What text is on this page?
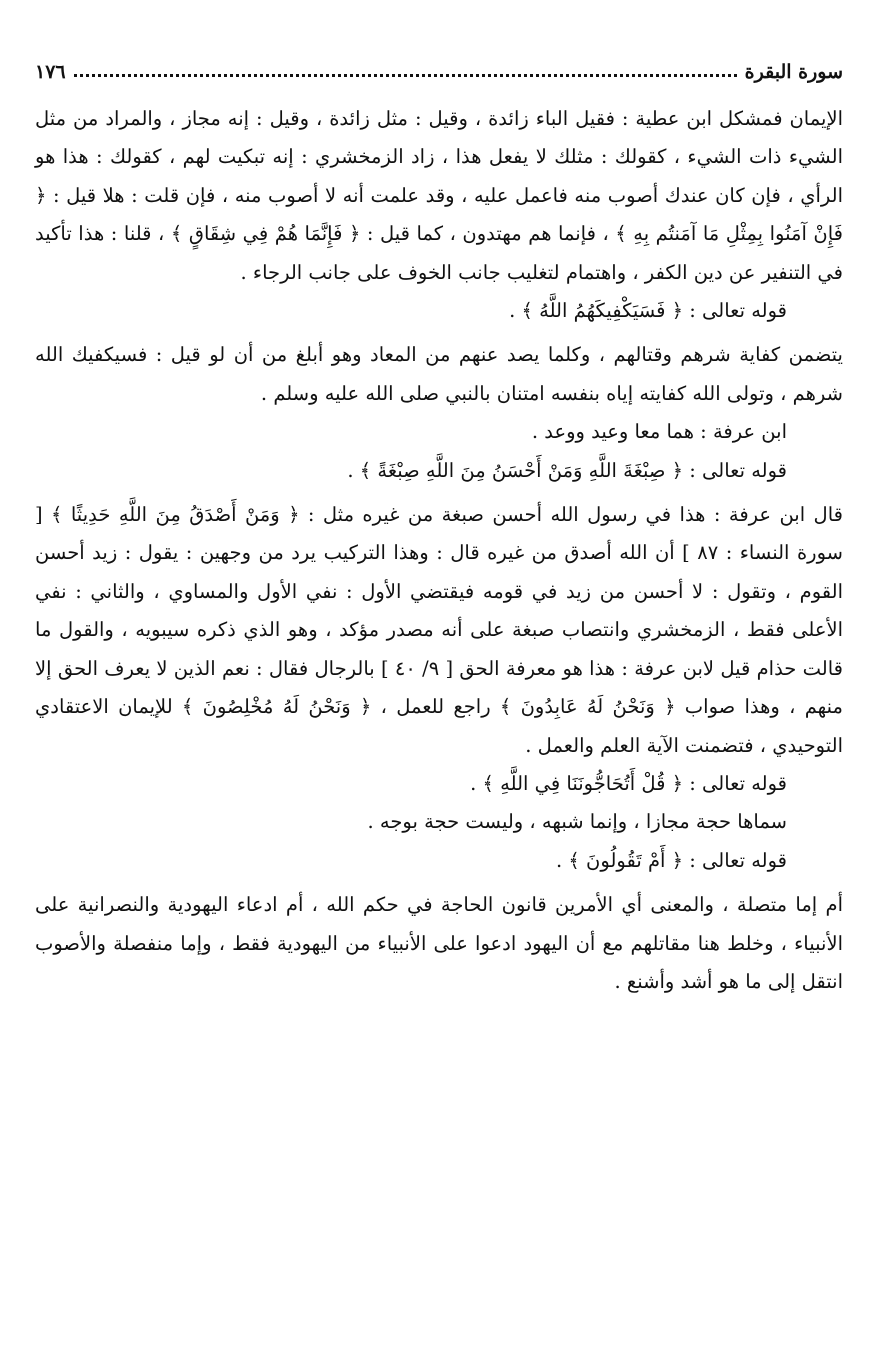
سورة البقرة
١٧٦

الإيمان فمشكل ابن عطية : فقيل الباء زائدة ، وقيل : مثل زائدة ، وقيل : إنه مجاز ، والمراد من مثل الشيء ذات الشيء ، كقولك : مثلك لا يفعل هذا ، زاد الزمخشري : إنه تبكيت لهم ، كقولك : هذا هو الرأي ، فإن كان عندك أصوب منه فاعمل عليه ، وقد علمت أنه لا أصوب منه ، فإن قلت : هلا قيل : ﴿ فَإِنْ آمَنُوا بِمِثْلِ مَا آمَنتُم بِهِ ﴾ ، فإنما هم مهتدون ، كما قيل : ﴿ فَإِنَّمَا هُمْ فِي شِقَاقٍ ﴾ ، قلنا : هذا تأكيد في التنفير عن دين الكفر ، واهتمام لتغليب جانب الخوف على جانب الرجاء .

قوله تعالى : ﴿ فَسَيَكْفِيكَهُمُ اللَّهُ ﴾ .

يتضمن كفاية شرهم وقتالهم ، وكلما يصد عنهم من المعاد وهو أبلغ من أن لو قيل : فسيكفيك الله شرهم ، وتولى الله كفايته إياه بنفسه امتنان بالنبي صلى الله عليه وسلم .

ابن عرفة : هما معا وعيد ووعد .

قوله تعالى : ﴿ صِبْغَةَ اللَّهِ وَمَنْ أَحْسَنُ مِنَ اللَّهِ صِبْغَةً ﴾ .

قال ابن عرفة : هذا في رسول الله أحسن صبغة من غيره مثل : ﴿ وَمَنْ أَصْدَقُ مِنَ اللَّهِ حَدِيثًا ﴾ [ سورة النساء : ٨٧ ] أن الله أصدق من غيره قال : وهذا التركيب يرد من وجهين : يقول : زيد أحسن القوم ، وتقول : لا أحسن من زيد في قومه فيقتضي الأول : نفي الأول والمساوي ، والثاني : نفي الأعلى فقط ، الزمخشري وانتصاب صبغة على أنه مصدر مؤكد ، وهو الذي ذكره سيبويه ، والقول ما قالت حذام قيل لابن عرفة : هذا هو معرفة الحق [ ٩/ ٤٠ ] بالرجال فقال : نعم الذين لا يعرف الحق إلا منهم ، وهذا صواب ﴿ وَنَحْنُ لَهُ عَابِدُونَ ﴾ راجع للعمل ، ﴿ وَنَحْنُ لَهُ مُخْلِصُونَ ﴾ للإيمان الاعتقادي التوحيدي ، فتضمنت الآية العلم والعمل .

قوله تعالى : ﴿ قُلْ أَتُحَاجُّونَنَا فِي اللَّهِ ﴾ .

سماها حجة مجازا ، وإنما شبهه ، وليست حجة بوجه .

قوله تعالى : ﴿ أَمْ تَقُولُونَ ﴾ .

أم إما متصلة ، والمعنى أي الأمرين قانون الحاجة في حكم الله ، أم ادعاء اليهودية والنصرانية على الأنبياء ، وخلط هنا مقاتلهم مع أن اليهود ادعوا على الأنبياء من اليهودية فقط ، وإما منفصلة والأصوب انتقل إلى ما هو أشد وأشنع .
